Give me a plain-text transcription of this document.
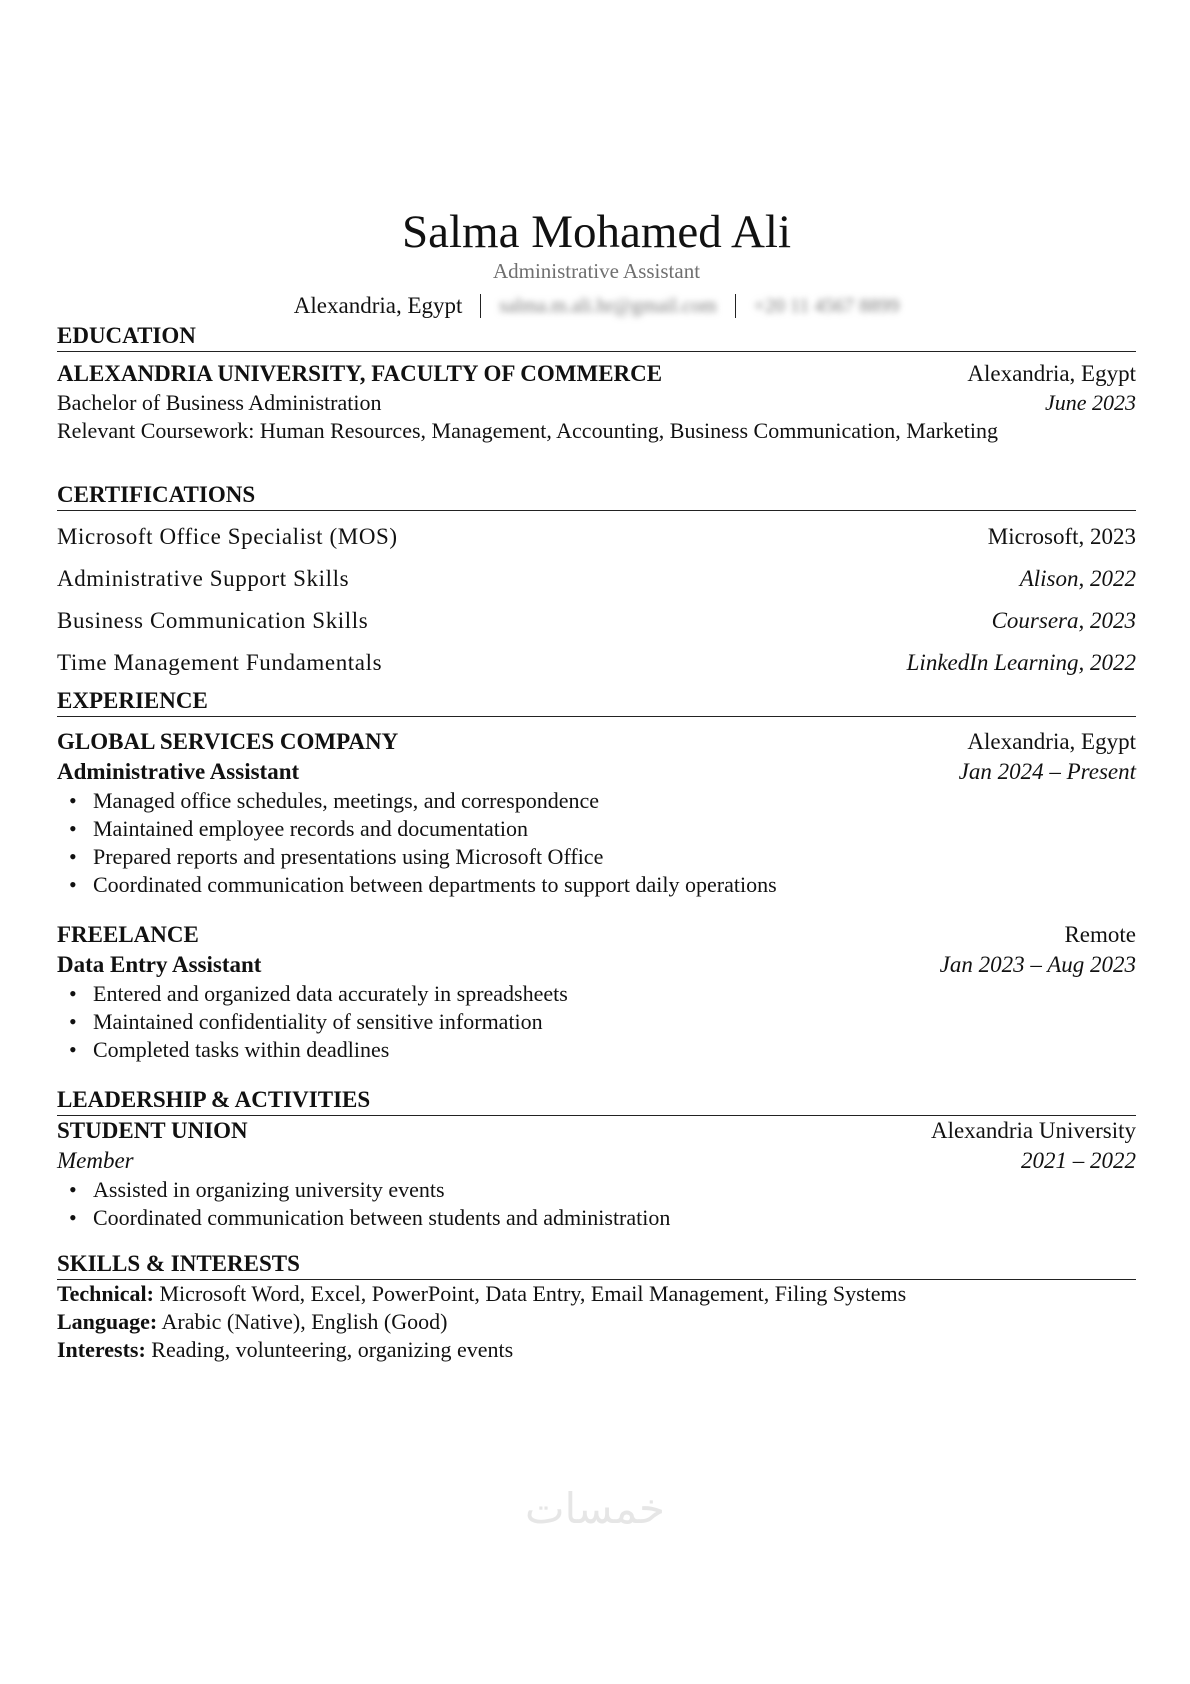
Salma Mohamed Ali
Administrative Assistant
Alexandria, Egypt salma.m.ali.hr@gmail.com +20 11 4567 8899
EDUCATION
ALEXANDRIA UNIVERSITY, FACULTY OF COMMERCE	Alexandria, Egypt
Bachelor of Business Administration	June 2023
Relevant Coursework: Human Resources, Management, Accounting, Business Communication, Marketing
CERTIFICATIONS
Microsoft Office Specialist (MOS)	Microsoft, 2023
Administrative Support Skills	Alison, 2022
Business Communication Skills	Coursera, 2023
Time Management Fundamentals	LinkedIn Learning, 2022
EXPERIENCE
GLOBAL SERVICES COMPANY	Alexandria, Egypt
Administrative Assistant	Jan 2024 – Present
• Managed office schedules, meetings, and correspondence
• Maintained employee records and documentation
• Prepared reports and presentations using Microsoft Office
• Coordinated communication between departments to support daily operations
FREELANCE	Remote
Data Entry Assistant	Jan 2023 – Aug 2023
• Entered and organized data accurately in spreadsheets
• Maintained confidentiality of sensitive information
• Completed tasks within deadlines
LEADERSHIP & ACTIVITIES
STUDENT UNION	Alexandria University
Member	2021 – 2022
• Assisted in organizing university events
• Coordinated communication between students and administration
SKILLS & INTERESTS
Technical: Microsoft Word, Excel, PowerPoint, Data Entry, Email Management, Filing Systems
Language: Arabic (Native), English (Good)
Interests: Reading, volunteering, organizing events
خمسات
